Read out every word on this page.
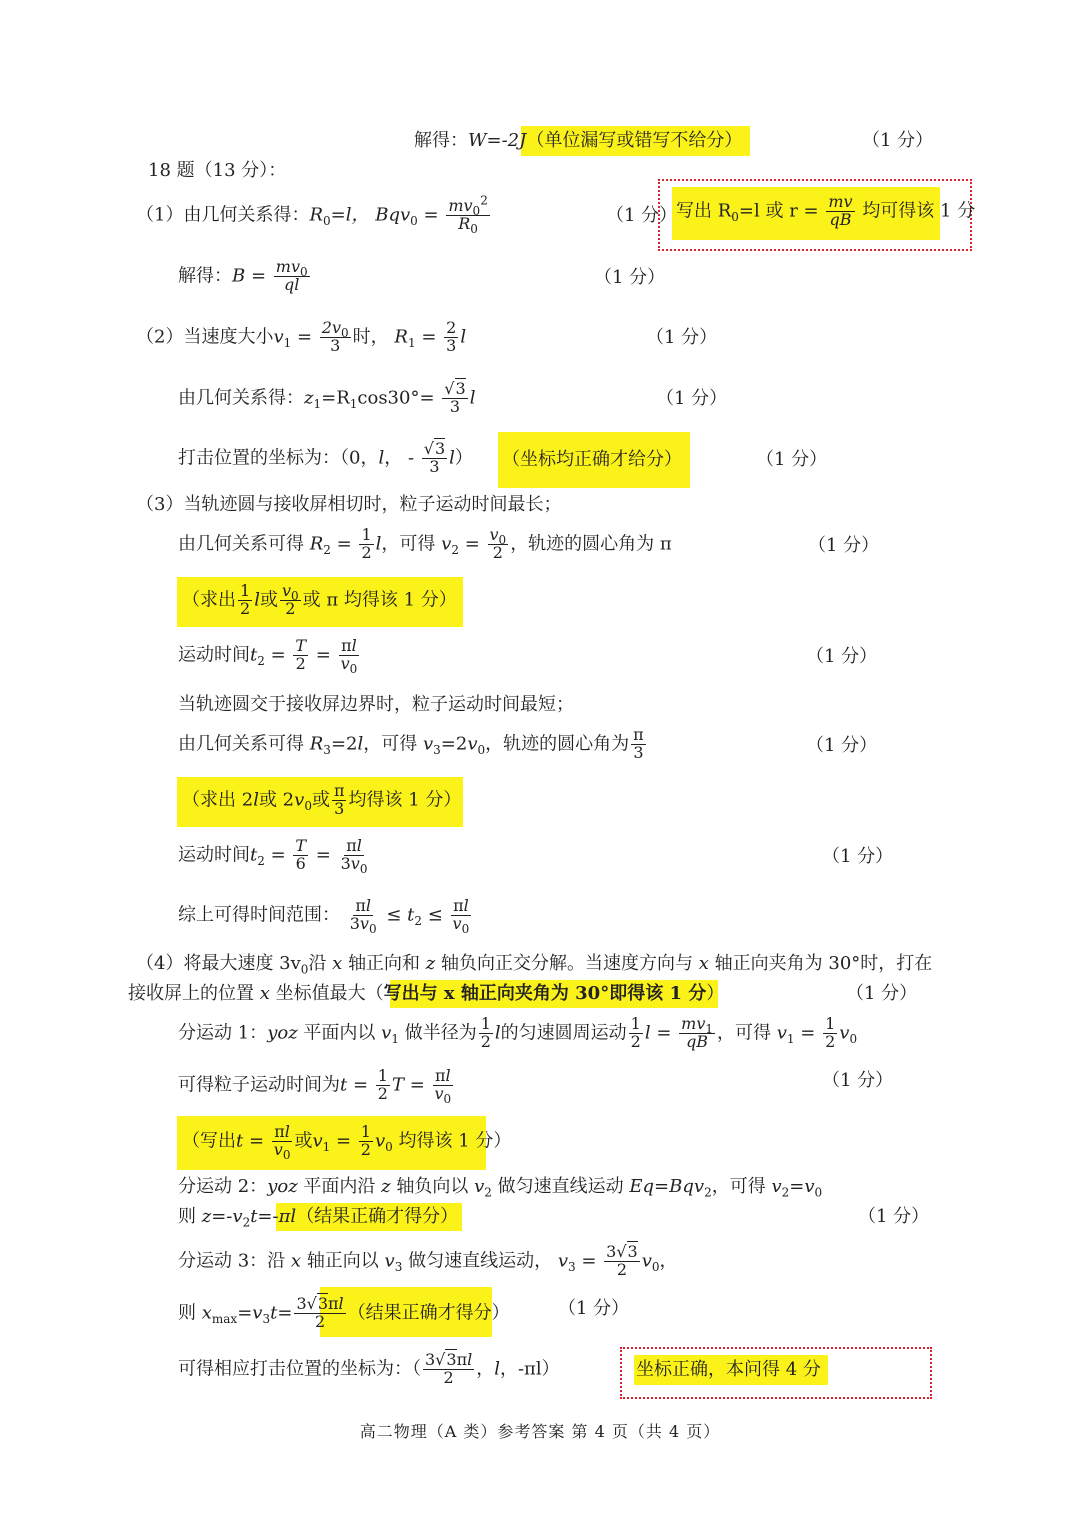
解得：W=-2J（单位漏写或错写不给分）	（1 分）
18 题（13 分）：
（1）由几何关系得：$R_0=l$， $Bqv_0 = \frac{mv_0^2}{R_0}$	（1 分）
写出 $R_0=l$ 或 $r = \frac{mv}{qB}$ 均可得该 1 分
解得：$B = \frac{mv_0}{ql}$	（1 分）
（2）当速度大小$v_1 = \frac{2v_0}{3}$ 时， $R_1 = \frac{2}{3}$ l	（1 分）
由几何关系得：$z_1=R_1\cos 30^\circ= \frac{√3}{3}$ l	（1 分）
打击位置的坐标为：（0，l， - $\frac{√3}{3} l$） （坐标均正确才给分）	（1 分）
（3）当轨迹圆与接收屏相切时，粒子运动时间最长；
由几何关系可得 $R_2 = \frac{1}{2}$ l，可得 $v_2 = \frac{v_0}{2}$ ，轨迹的圆心角为 π	（1 分）
（求出 $\frac{1}{2}$ l或 $\frac{v_0}{2}$ 或 π 均得该 1 分）
运动时间$t_2 = \frac{T}{2} = \frac{\pi l}{v_0}$	（1 分）
当轨迹圆交于接收屏边界时，粒子运动时间最短；
由几何关系可得 $R_3=2l$，可得 $v_3=2v_0$，轨迹的圆心角为 $\frac{\pi}{3}$	（1 分）
（求出 2l或 $2v_0$或 $\frac{\pi}{3}$ 均得该 1 分）
运动时间$t_2 = \frac{T}{6} = \frac{\pi l}{3v_0}$	（1 分）
综上可得时间范围： $\frac{\pi l}{3v_0} \le t_2 \le \frac{\pi l}{v_0}$
（4）将最大速度 $3v_0$沿 x 轴正向和 z 轴负向正交分解。当速度方向与 x 轴正向夹角为 30°时，打在
接收屏上的位置 x 坐标值最大（写出与 x 轴正向夹角为 30°即得该 1 分）	（1 分）
分运动 1：yoz 平面内以 $v_1$ 做半径为 $\frac{1}{2}$ l的匀速圆周运动 $\frac{1}{2}$ $l = \frac{mv_1}{qB}$ ，可得 $v_1 = \frac{1}{2} v_0$
可得粒子运动时间为$t = \frac{1}{2}$ $T = \frac{\pi l}{v_0}$	（1 分）
（写出$t = \frac{\pi l}{v_0}$ 或$v_1 = \frac{1}{2} v_0$ 均得该 1 分）
分运动 2：yoz 平面内沿 z 轴负向以 $v_2$ 做匀速直线运动 Eq=Bqv$_2$，可得 $v_2=v_0$
则 $z=-v_2t=-\pi l$（结果正确才得分）	（1 分）
分运动 3：沿 x 轴正向以 $v_3$ 做匀速直线运动， $v_3 = \frac{3√3}{2} v_0$，
则 $x_{max}=v_3t= \frac{3√3\pi l}{2}$ （结果正确才得分）	（1 分）
可得相应打击位置的坐标为：（ $\frac{3√3\pi l}{2}$ ，l，-πl）	坐标正确，本问得 4 分
高二物理（A 类）参考答案 第 4 页（共 4 页）
